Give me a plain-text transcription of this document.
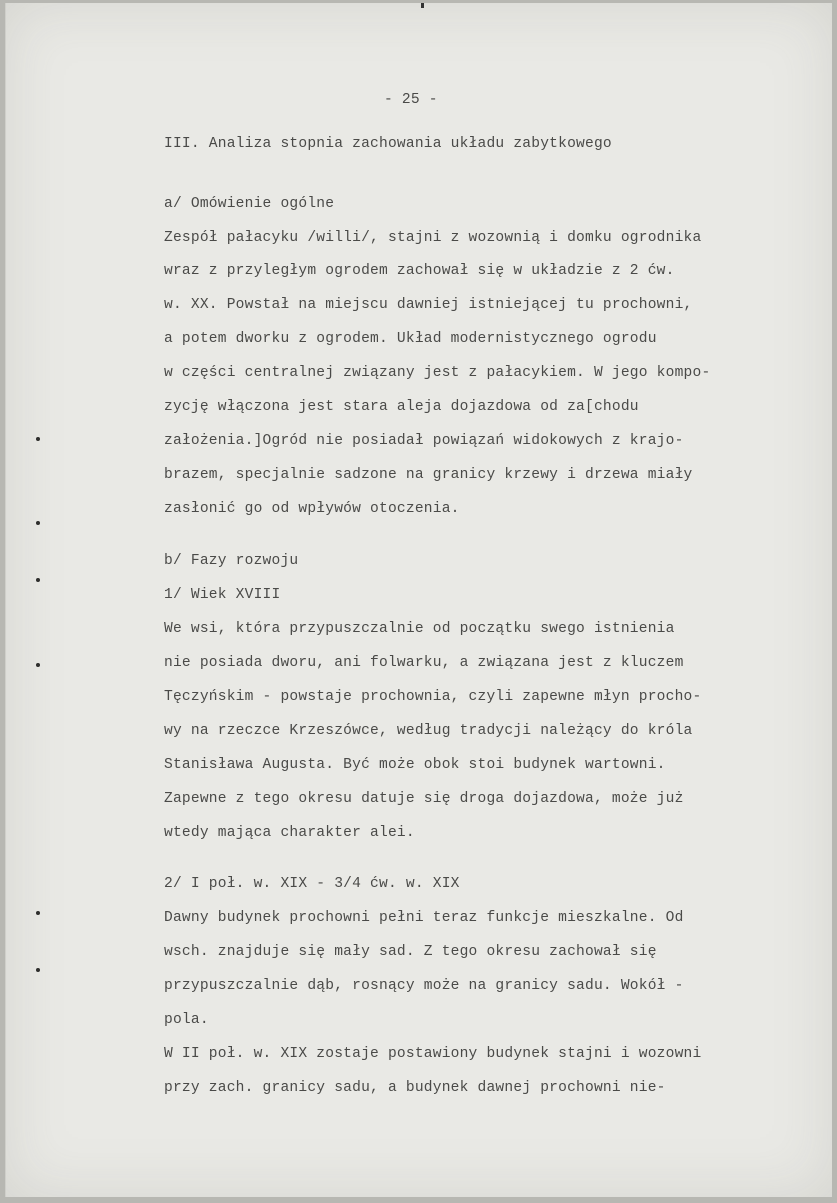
- 25 -
III. Analiza stopnia zachowania układu zabytkowego
a/ Omówienie ogólne
Zespół pałacyku /willi/, stajni z wozownią i domku ogrodnika
wraz z przyległym ogrodem zachował się w układzie z 2 ćw.
w. XX. Powstał na miejscu dawniej istniejącej tu prochowni,
a potem dworku z ogrodem. Układ modernistycznego ogrodu
w części centralnej związany jest z pałacykiem. W jego kompo-
zycję włączona jest stara aleja dojazdowa od za[chodu
założenia.]Ogród nie posiadał powiązań widokowych z krajo-
brazem, specjalnie sadzone na granicy krzewy i drzewa miały
zasłonić go od wpływów otoczenia.
b/ Fazy rozwoju
1/ Wiek XVIII
We wsi, która przypuszczalnie od początku swego istnienia
nie posiada dworu, ani folwarku, a związana jest z kluczem
Tęczyńskim - powstaje prochownia, czyli zapewne młyn procho-
wy na rzeczce Krzeszówce, według tradycji należący do króla
Stanisława Augusta. Być może obok stoi budynek wartowni.
Zapewne z tego okresu datuje się droga dojazdowa, może już
wtedy mająca charakter alei.
2/ I poł. w. XIX - 3/4 ćw. w. XIX
Dawny budynek prochowni pełni teraz funkcje mieszkalne. Od
wsch. znajduje się mały sad. Z tego okresu zachował się
przypuszczalnie dąb, rosnący może na granicy sadu. Wokół -
pola.
W II poł. w. XIX zostaje postawiony budynek stajni i wozowni
przy zach. granicy sadu, a budynek dawnej prochowni nie-
